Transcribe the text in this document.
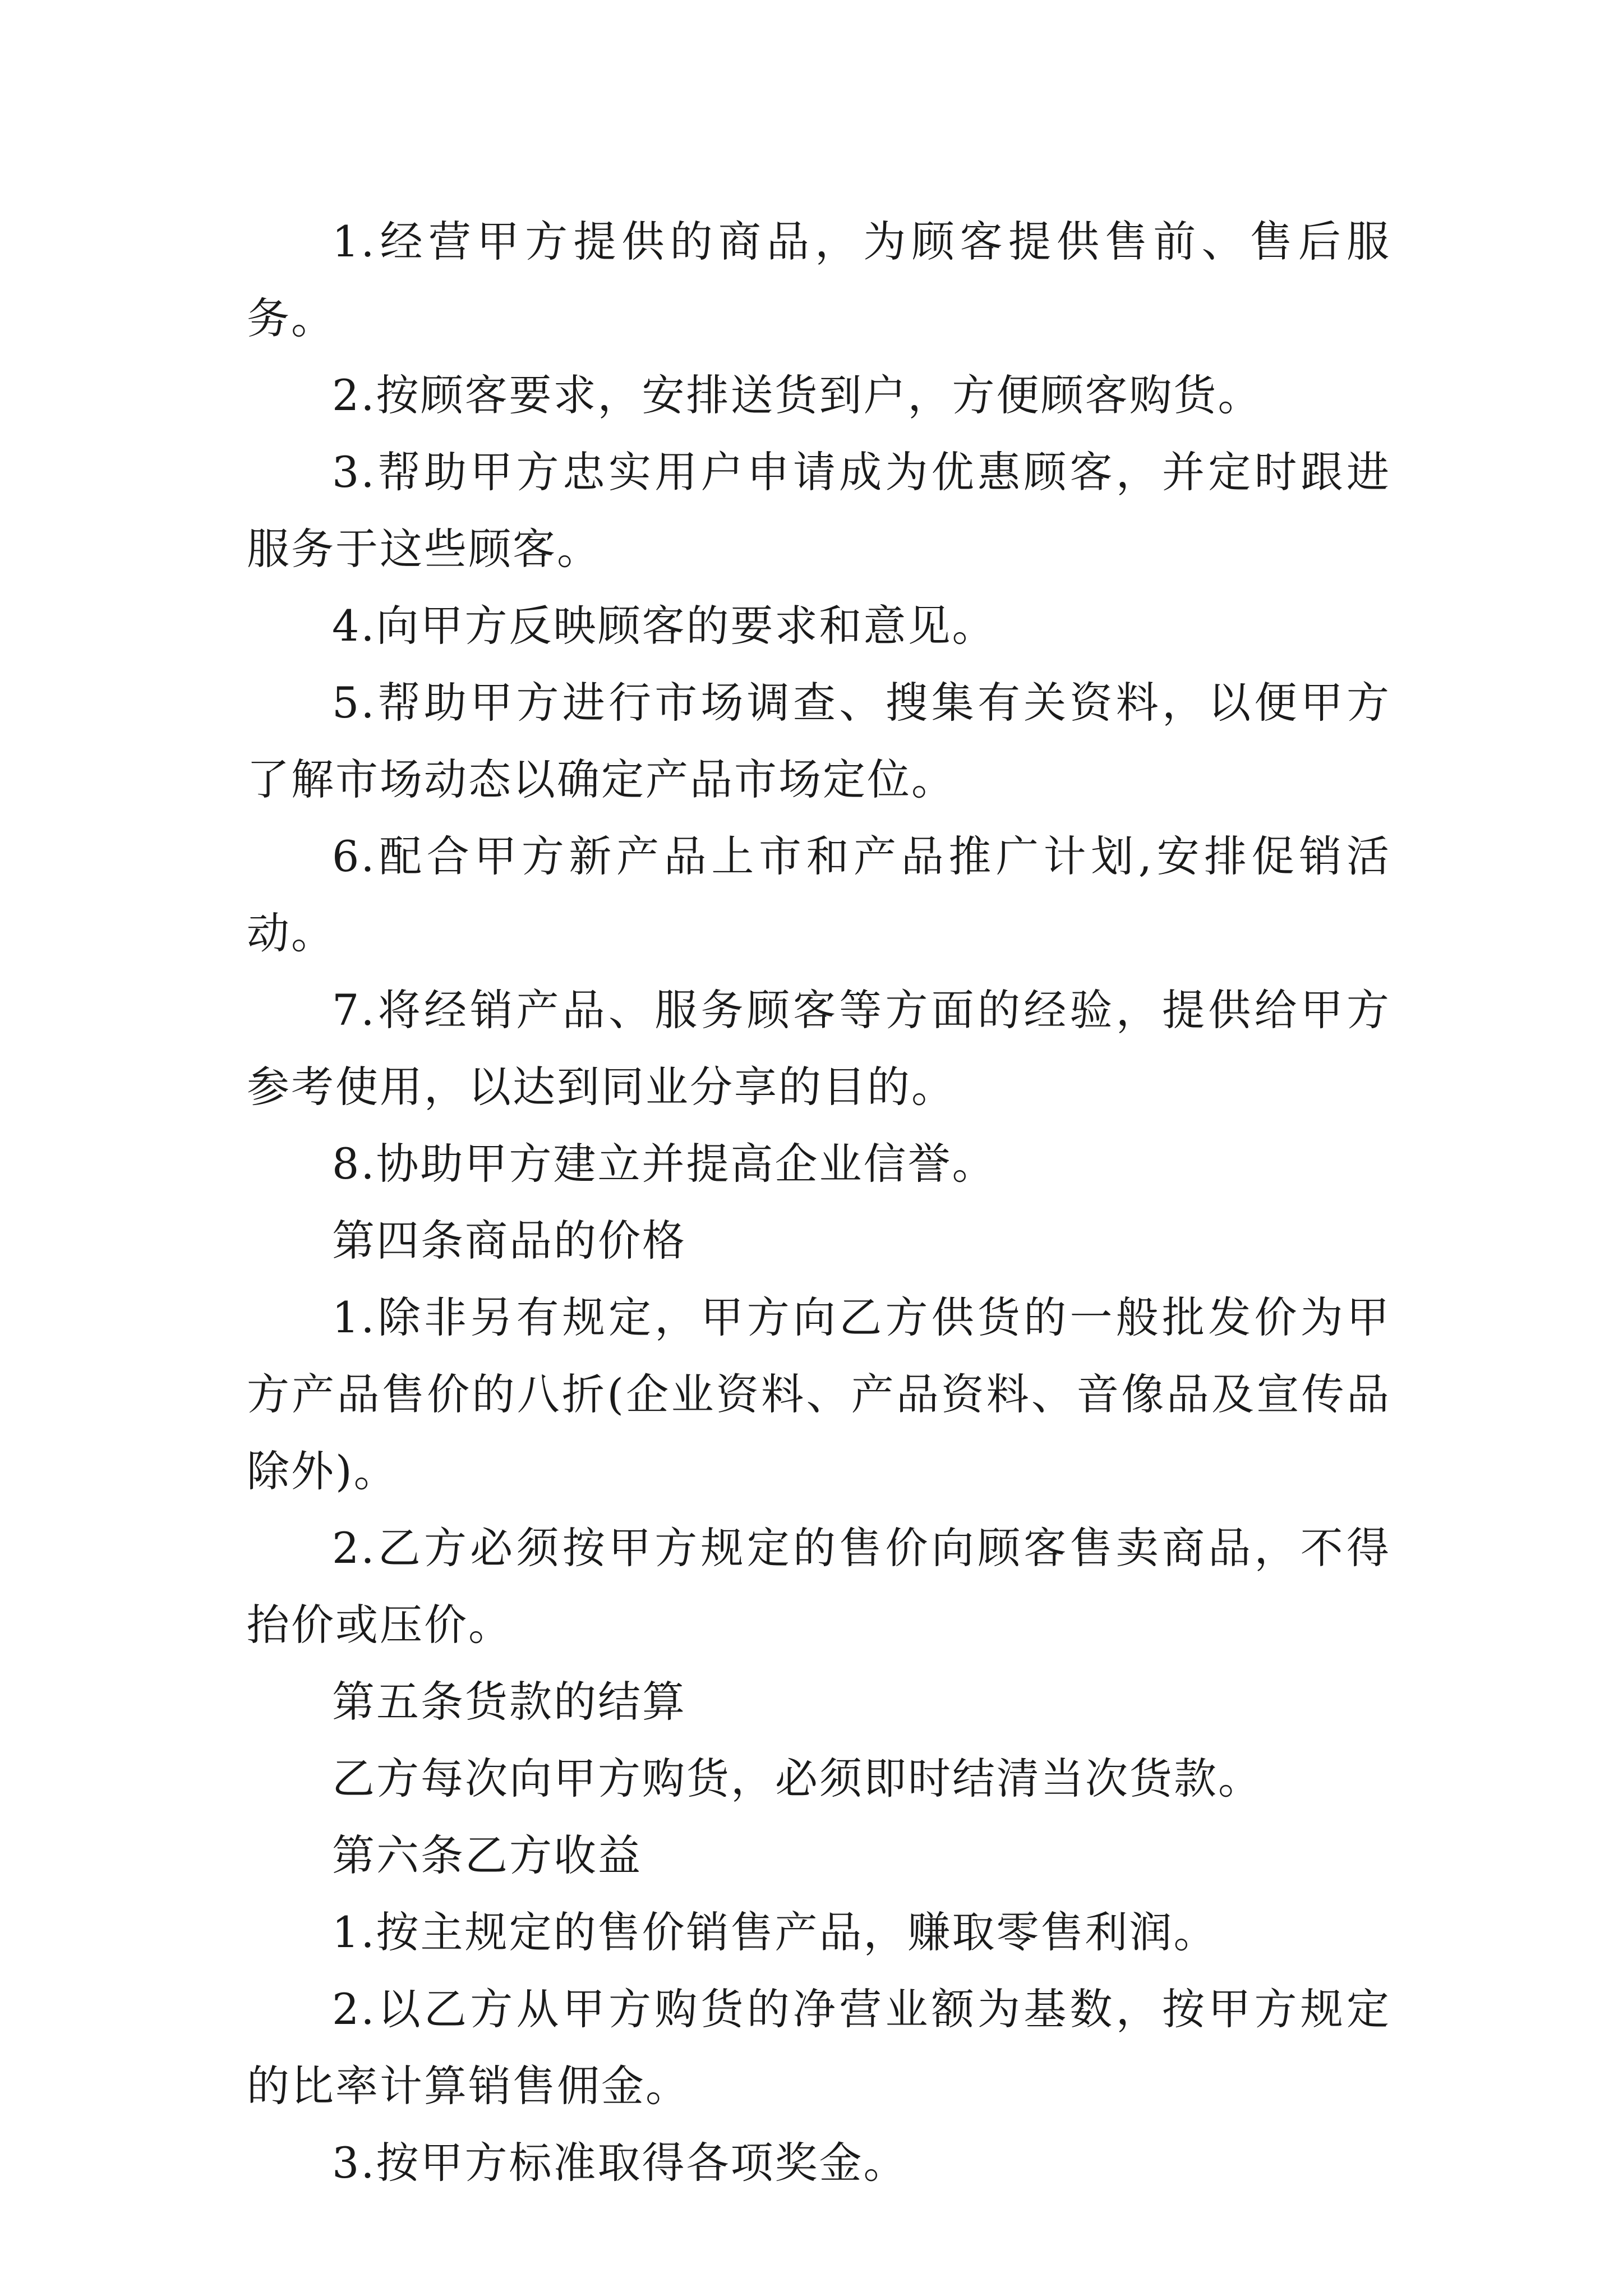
1.经营甲方提供的商品，为顾客提供售前、售后服务。

2.按顾客要求，安排送货到户，方便顾客购货。

3.帮助甲方忠实用户申请成为优惠顾客，并定时跟进服务于这些顾客。

4.向甲方反映顾客的要求和意见。

5.帮助甲方进行市场调查、搜集有关资料，以便甲方了解市场动态以确定产品市场定位。

6.配合甲方新产品上市和产品推广计划,安排促销活动。

7.将经销产品、服务顾客等方面的经验，提供给甲方参考使用，以达到同业分享的目的。

8.协助甲方建立并提高企业信誉。

第四条商品的价格

1.除非另有规定，甲方向乙方供货的一般批发价为甲方产品售价的八折(企业资料、产品资料、音像品及宣传品除外)。

2.乙方必须按甲方规定的售价向顾客售卖商品，不得抬价或压价。

第五条货款的结算

乙方每次向甲方购货，必须即时结清当次货款。

第六条乙方收益

1.按主规定的售价销售产品，赚取零售利润。

2.以乙方从甲方购货的净营业额为基数，按甲方规定的比率计算销售佣金。

3.按甲方标准取得各项奖金。
